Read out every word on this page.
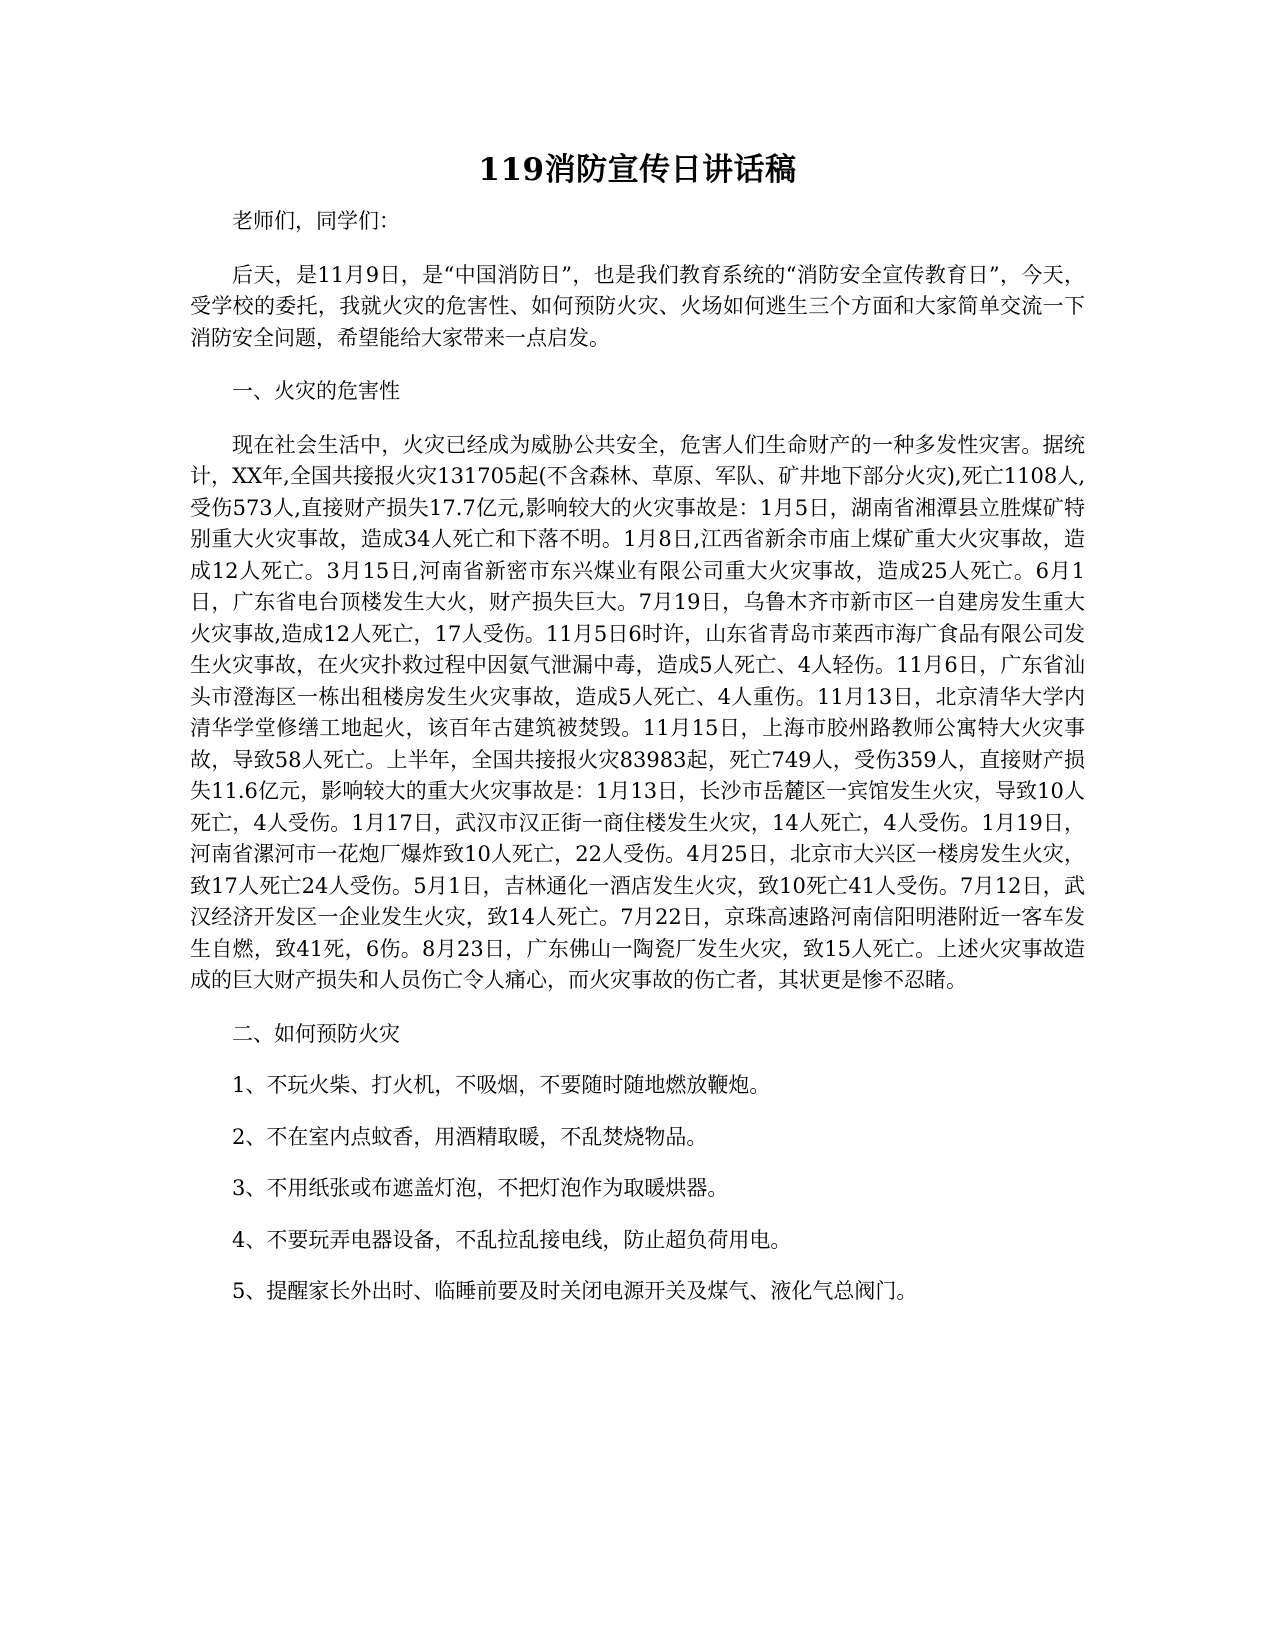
119消防宣传日讲话稿

老师们，同学们：

后天，是11月9日，是“中国消防日”，也是我们教育系统的“消防安全宣传教育日”，今天，受学校的委托，我就火灾的危害性、如何预防火灾、火场如何逃生三个方面和大家简单交流一下消防安全问题，希望能给大家带来一点启发。

一、火灾的危害性

现在社会生活中，火灾已经成为威胁公共安全，危害人们生命财产的一种多发性灾害。据统计，XX年,全国共接报火灾131705起(不含森林、草原、军队、矿井地下部分火灾),死亡1108人,受伤573人,直接财产损失17.7亿元,影响较大的火灾事故是：1月5日，湖南省湘潭县立胜煤矿特别重大火灾事故，造成34人死亡和下落不明。1月8日,江西省新余市庙上煤矿重大火灾事故，造成12人死亡。3月15日,河南省新密市东兴煤业有限公司重大火灾事故，造成25人死亡。6月1日，广东省电台顶楼发生大火，财产损失巨大。7月19日，乌鲁木齐市新市区一自建房发生重大火灾事故,造成12人死亡，17人受伤。11月5日6时许，山东省青岛市莱西市海广食品有限公司发生火灾事故，在火灾扑救过程中因氨气泄漏中毒，造成5人死亡、4人轻伤。11月6日，广东省汕头市澄海区一栋出租楼房发生火灾事故，造成5人死亡、4人重伤。11月13日，北京清华大学内清华学堂修缮工地起火，该百年古建筑被焚毁。11月15日，上海市胶州路教师公寓特大火灾事故，导致58人死亡。上半年，全国共接报火灾83983起，死亡749人，受伤359人，直接财产损失11.6亿元，影响较大的重大火灾事故是：1月13日，长沙市岳麓区一宾馆发生火灾，导致10人死亡，4人受伤。1月17日，武汉市汉正街一商住楼发生火灾，14人死亡，4人受伤。1月19日，河南省漯河市一花炮厂爆炸致10人死亡，22人受伤。4月25日，北京市大兴区一楼房发生火灾，致17人死亡24人受伤。5月1日，吉林通化一酒店发生火灾，致10死亡41人受伤。7月12日，武汉经济开发区一企业发生火灾，致14人死亡。7月22日，京珠高速路河南信阳明港附近一客车发生自燃，致41死，6伤。8月23日，广东佛山一陶瓷厂发生火灾，致15人死亡。上述火灾事故造成的巨大财产损失和人员伤亡令人痛心，而火灾事故的伤亡者，其状更是惨不忍睹。

二、如何预防火灾

1、不玩火柴、打火机，不吸烟，不要随时随地燃放鞭炮。

2、不在室内点蚊香，用酒精取暖，不乱焚烧物品。

3、不用纸张或布遮盖灯泡，不把灯泡作为取暖烘器。

4、不要玩弄电器设备，不乱拉乱接电线，防止超负荷用电。

5、提醒家长外出时、临睡前要及时关闭电源开关及煤气、液化气总阀门。
